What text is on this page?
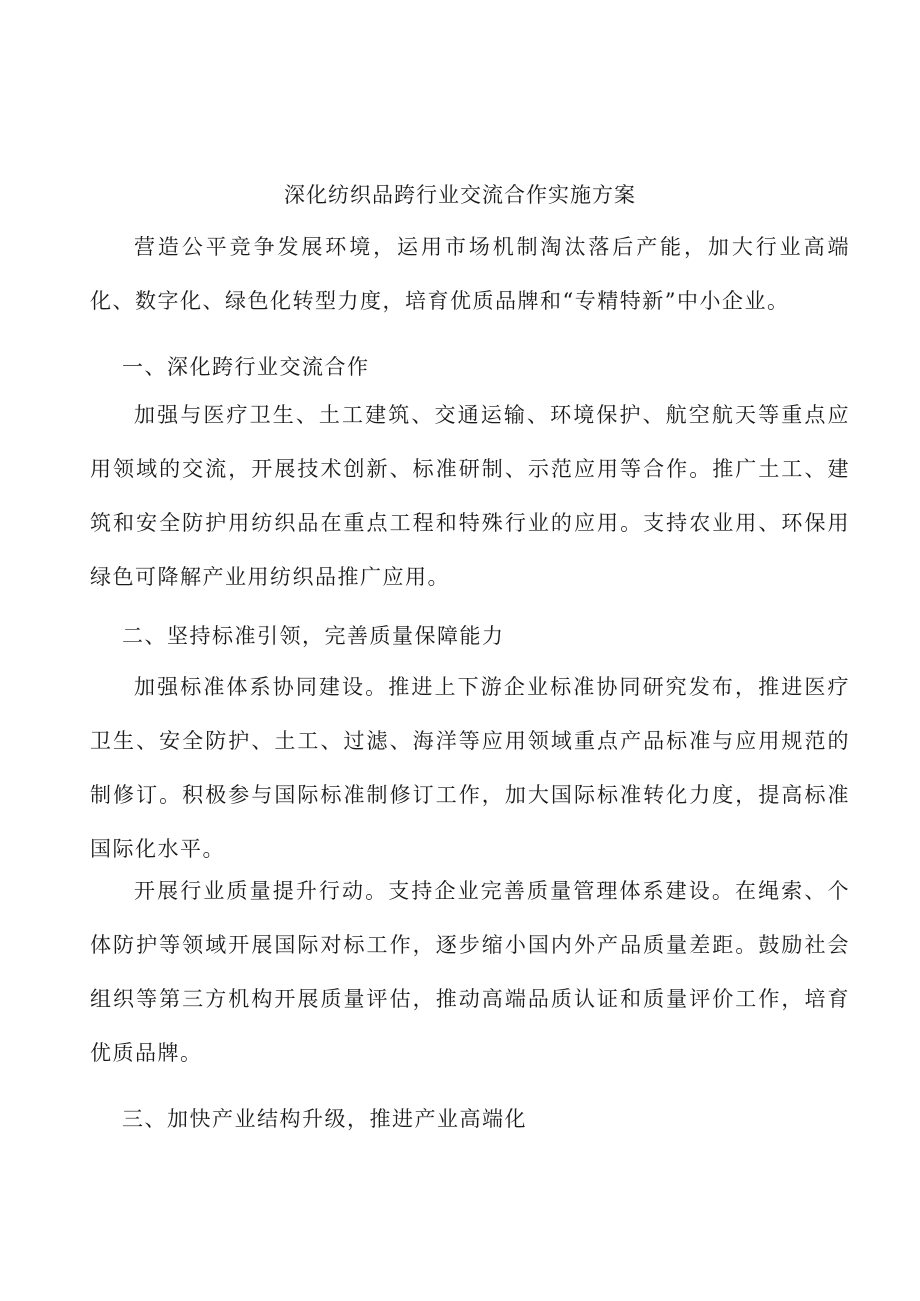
深化纺织品跨行业交流合作实施方案

营造公平竞争发展环境，运用市场机制淘汰落后产能，加大行业高端化、数字化、绿色化转型力度，培育优质品牌和“专精特新”中小企业。

一、深化跨行业交流合作

加强与医疗卫生、土工建筑、交通运输、环境保护、航空航天等重点应用领域的交流，开展技术创新、标准研制、示范应用等合作。推广土工、建筑和安全防护用纺织品在重点工程和特殊行业的应用。支持农业用、环保用绿色可降解产业用纺织品推广应用。

二、坚持标准引领，完善质量保障能力

加强标准体系协同建设。推进上下游企业标准协同研究发布，推进医疗卫生、安全防护、土工、过滤、海洋等应用领域重点产品标准与应用规范的制修订。积极参与国际标准制修订工作，加大国际标准转化力度，提高标准国际化水平。

开展行业质量提升行动。支持企业完善质量管理体系建设。在绳索、个体防护等领域开展国际对标工作，逐步缩小国内外产品质量差距。鼓励社会组织等第三方机构开展质量评估，推动高端品质认证和质量评价工作，培育优质品牌。

三、加快产业结构升级，推进产业高端化
